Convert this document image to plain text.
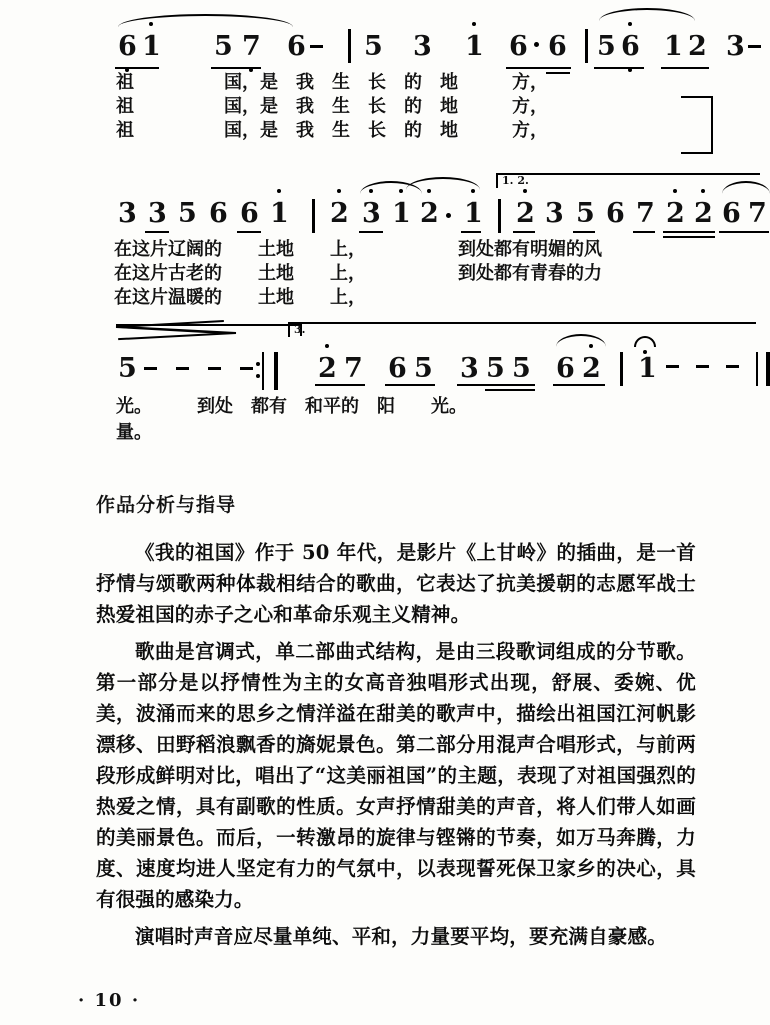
6 1 5 7 6 5 3 1 6 6 5 6 1 2 3
祖　　　　　国，是　我　生　长　的　地　　　方，
祖　　　　　国，是　我　生　长　的　地　　　方，
祖　　　　　国，是　我　生　长　的　地　　　方，
3 3 5 6 6 1 2 3 1 2 1
1. 2.
2 3 5 6 7 2 2 6 7
在这片辽阔的　　土地　　上，	到处都有明媚的风
在这片古老的　　土地　　上，	到处都有青春的力
在这片温暖的　　土地　　上，
5
3.
2 7 6 5 3 5 5 6 2 1
光。　　　到处　都有　和平的　阳　　光。
量。
作品分析与指导

《我的祖国》作于 50 年代，是影片《上甘岭》的插曲，是一首抒情与颂歌两种体裁相结合的歌曲，它表达了抗美援朝的志愿军战士热爱祖国的赤子之心和革命乐观主义精神。

歌曲是宫调式，单二部曲式结构，是由三段歌词组成的分节歌。第一部分是以抒情性为主的女高音独唱形式出现，舒展、委婉、优美，波涌而来的思乡之情洋溢在甜美的歌声中，描绘出祖国江河帆影漂移、田野稻浪飘香的旖妮景色。第二部分用混声合唱形式，与前两段形成鲜明对比，唱出了“这美丽祖国”的主题，表现了对祖国强烈的热爱之情，具有副歌的性质。女声抒情甜美的声音，将人们带人如画的美丽景色。而后，一转激昂的旋律与铿锵的节奏，如万马奔腾，力度、速度均进人坚定有力的气氛中，以表现誓死保卫家乡的决心，具有很强的感染力。

演唱时声音应尽量单纯、平和，力量要平均，要充满自豪感。

· 10 ·
